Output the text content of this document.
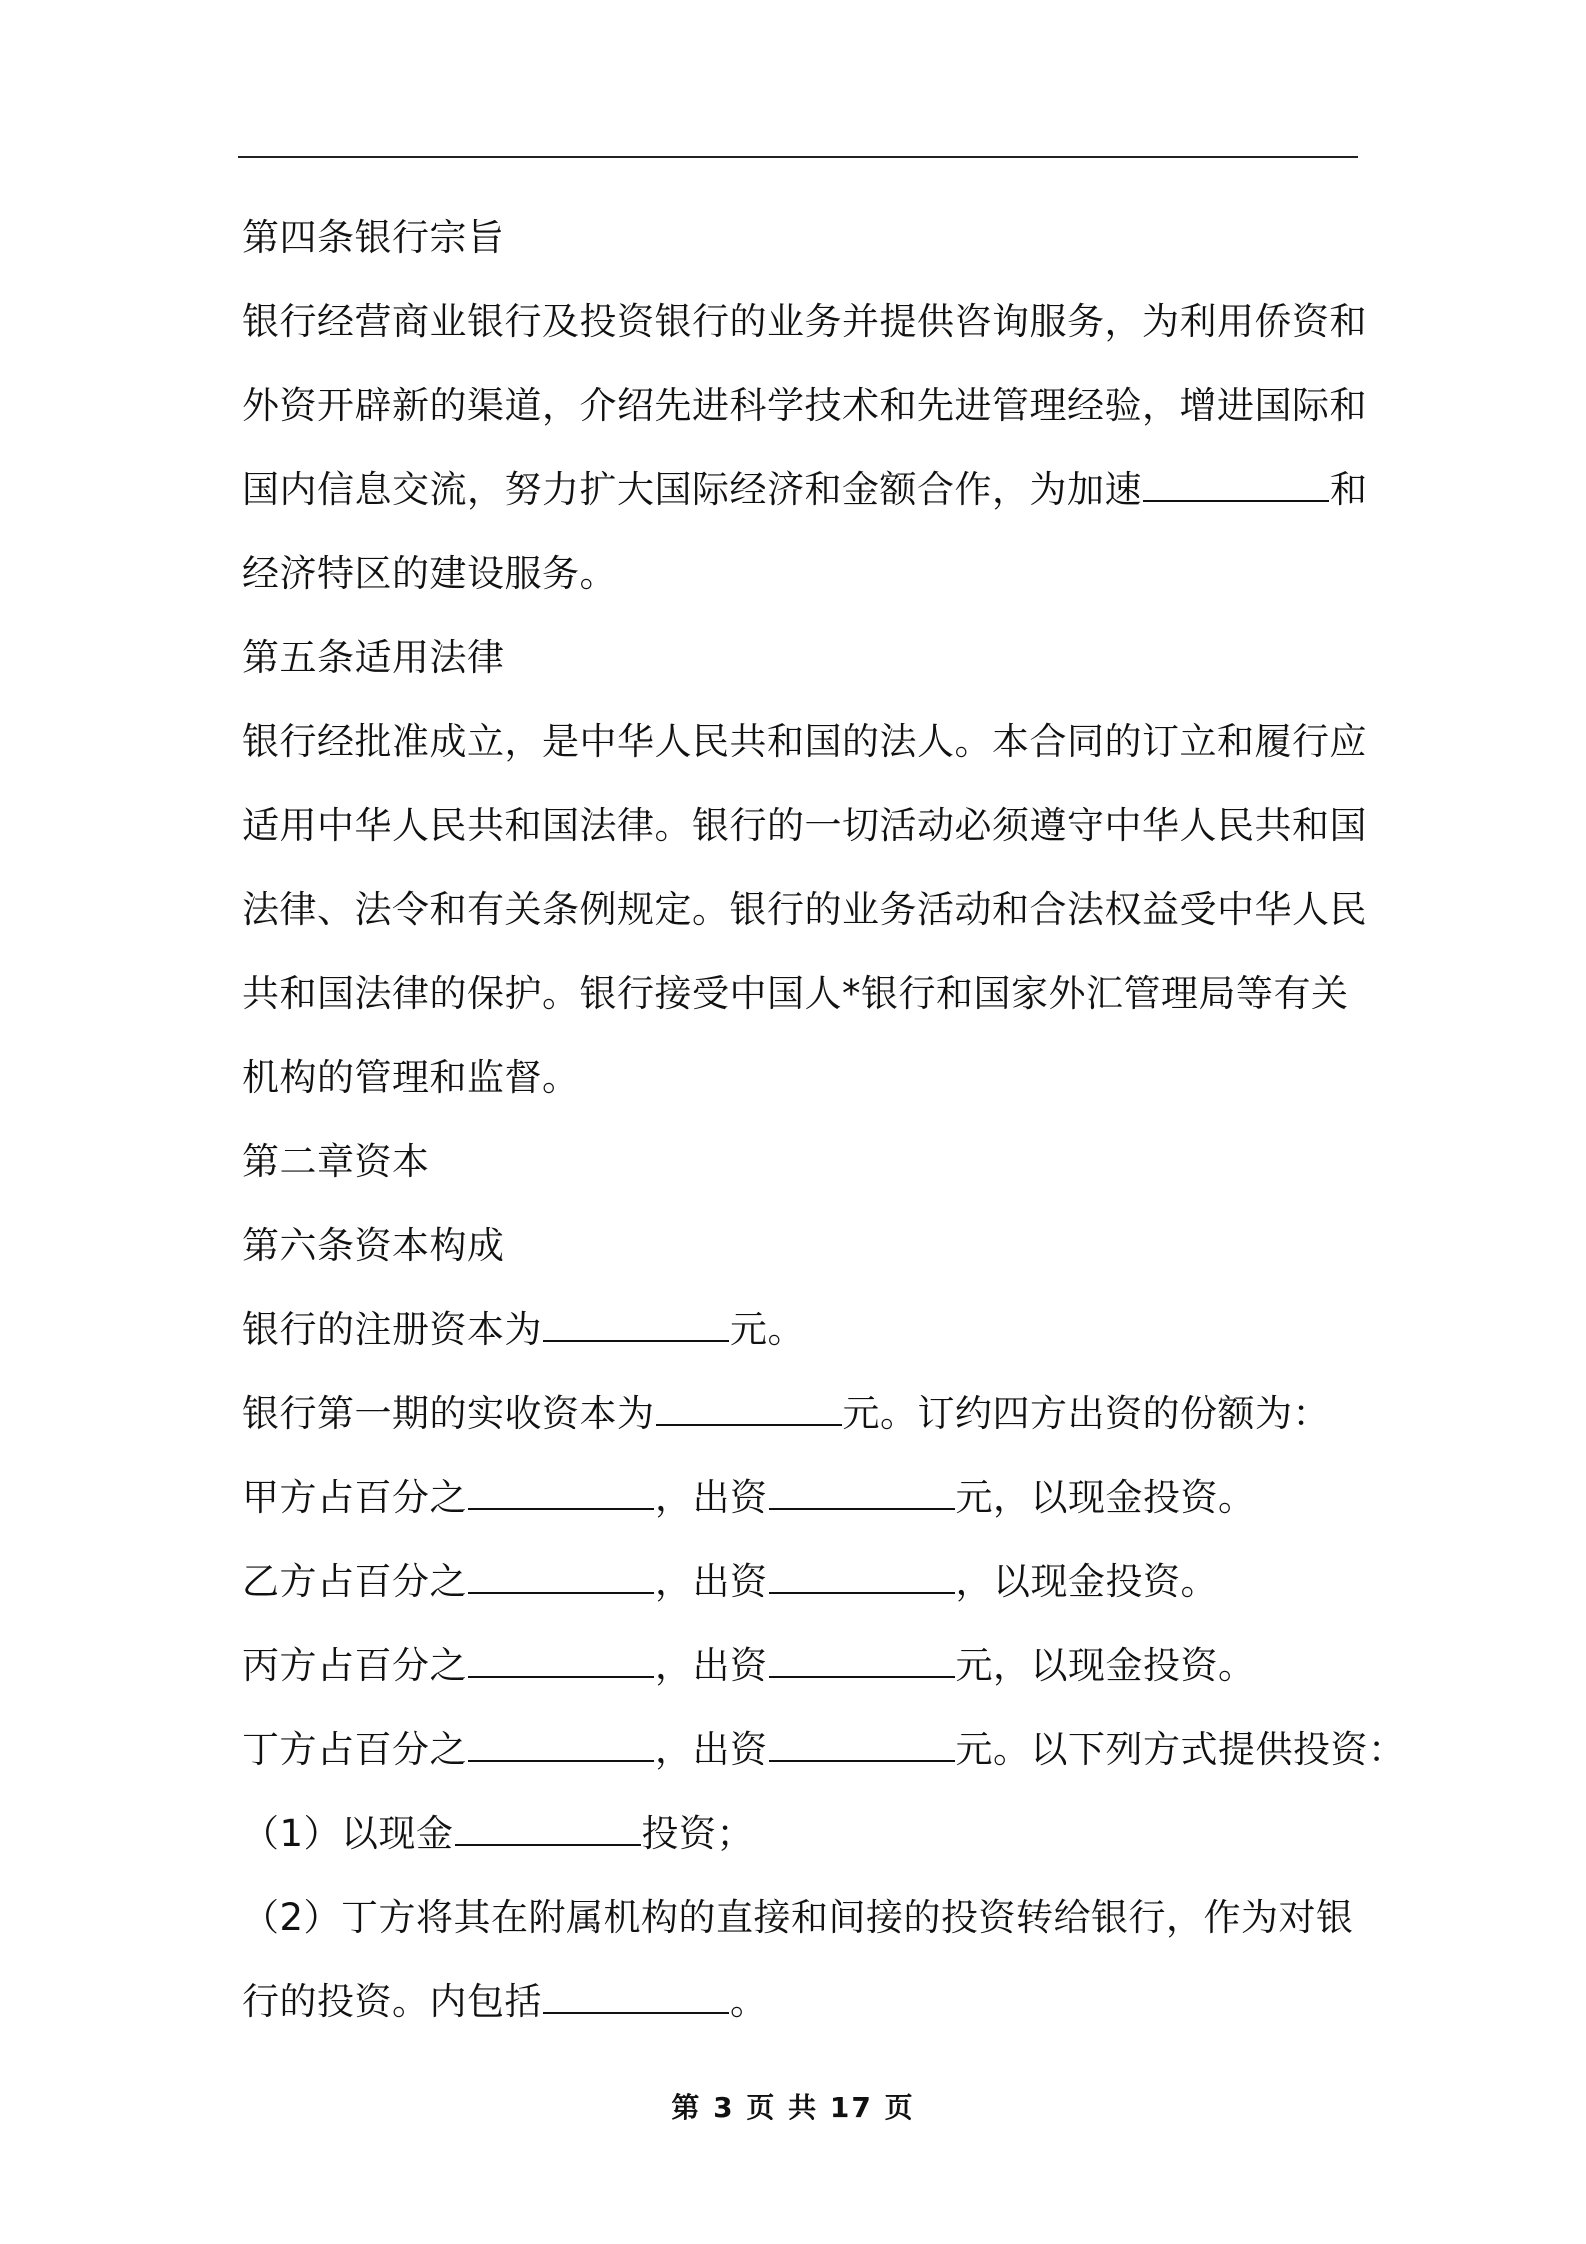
第四条银行宗旨
银行经营商业银行及投资银行的业务并提供咨询服务，为利用侨资和
外资开辟新的渠道，介绍先进科学技术和先进管理经验，增进国际和
国内信息交流，努力扩大国际经济和金额合作，为加速	和
经济特区的建设服务。
第五条适用法律
银行经批准成立，是中华人民共和国的法人。本合同的订立和履行应
适用中华人民共和国法律。银行的一切活动必须遵守中华人民共和国
法律、法令和有关条例规定。银行的业务活动和合法权益受中华人民
共和国法律的保护。银行接受中国人*银行和国家外汇管理局等有关
机构的管理和监督。
第二章资本
第六条资本构成
银行的注册资本为	元。
银行第一期的实收资本为	元。订约四方出资的份额为：
甲方占百分之	，出资	元，以现金投资。
乙方占百分之	，出资	，以现金投资。
丙方占百分之	，出资	元，以现金投资。
丁方占百分之	，出资	元。以下列方式提供投资：
（1）以现金	投资；
（2）丁方将其在附属机构的直接和间接的投资转给银行，作为对银
行的投资。内包括	。
第 3 页 共 17 页
